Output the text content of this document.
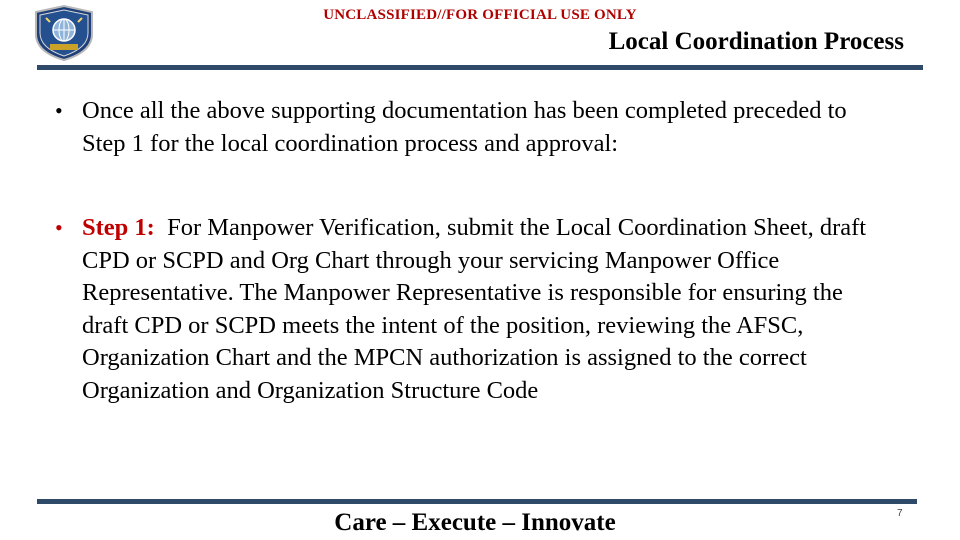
UNCLASSIFIED//FOR OFFICIAL USE ONLY
Local Coordination Process
• Once all the above supporting documentation has been completed preceded to Step 1 for the local coordination process and approval:
• Step 1: For Manpower Verification, submit the Local Coordination Sheet, draft CPD or SCPD and Org Chart through your servicing Manpower Office Representative. The Manpower Representative is responsible for ensuring the draft CPD or SCPD meets the intent of the position, reviewing the AFSC, Organization Chart and the MPCN authorization is assigned to the correct Organization and Organization Structure Code
Care – Execute – Innovate	7
